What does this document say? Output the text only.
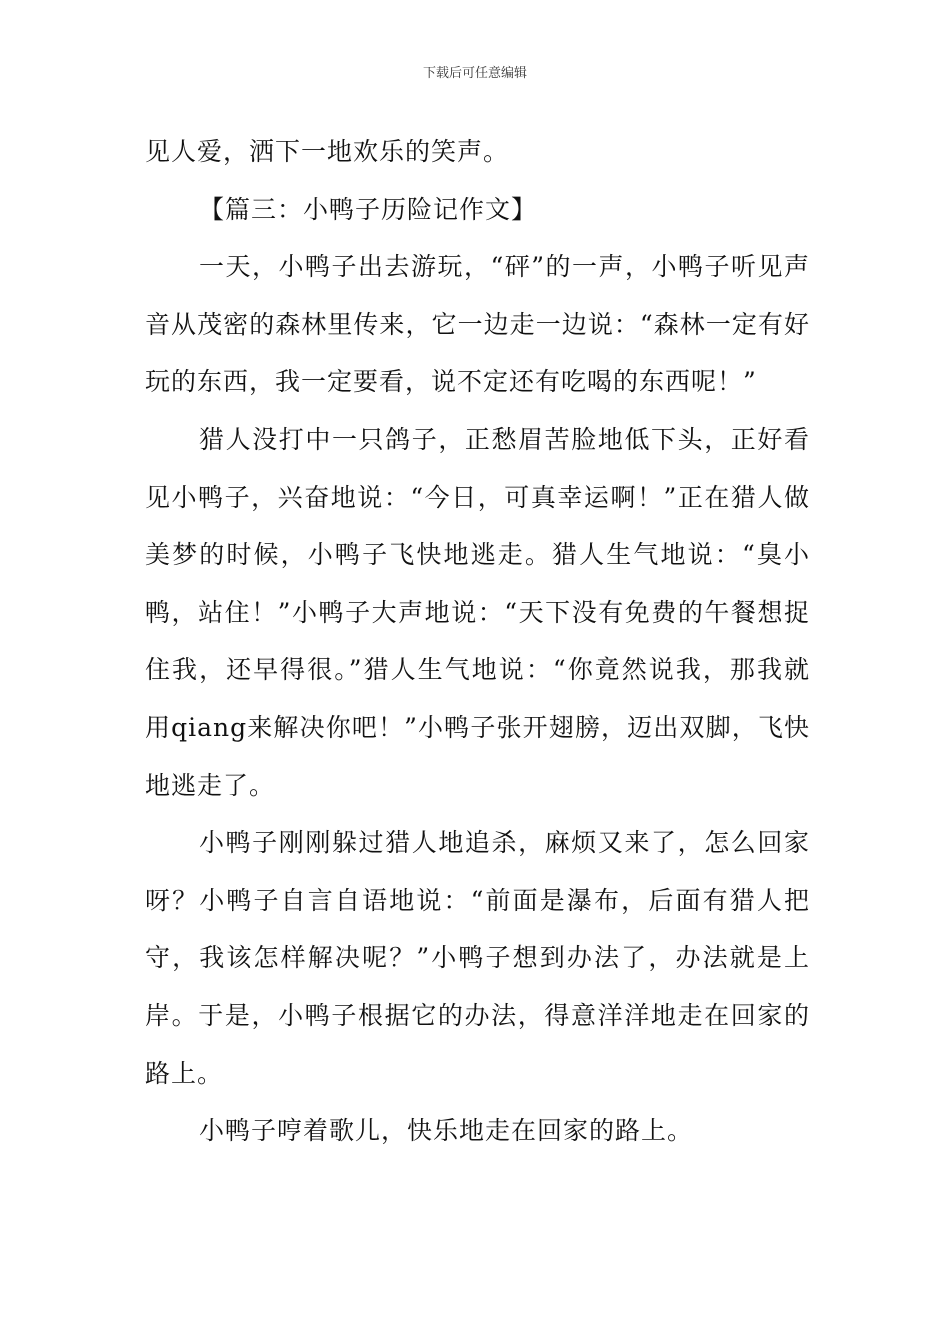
下载后可任意编辑

见人爱，洒下一地欢乐的笑声。

【篇三：小鸭子历险记作文】

一天，小鸭子出去游玩，“砰”的一声，小鸭子听见声音从茂密的森林里传来，它一边走一边说：“森林一定有好玩的东西，我一定要看，说不定还有吃喝的东西呢！”

猎人没打中一只鸽子，正愁眉苦脸地低下头，正好看见小鸭子，兴奋地说：“今日，可真幸运啊！”正在猎人做美梦的时候，小鸭子飞快地逃走。猎人生气地说：“臭小鸭，站住！”小鸭子大声地说：“天下没有免费的午餐想捉住我，还早得很。”猎人生气地说：“你竟然说我，那我就用qiang来解决你吧！”小鸭子张开翅膀，迈出双脚，飞快地逃走了。

小鸭子刚刚躲过猎人地追杀，麻烦又来了，怎么回家呀？小鸭子自言自语地说：“前面是瀑布，后面有猎人把守，我该怎样解决呢？”小鸭子想到办法了，办法就是上岸。于是，小鸭子根据它的办法，得意洋洋地走在回家的路上。

小鸭子哼着歌儿，快乐地走在回家的路上。
